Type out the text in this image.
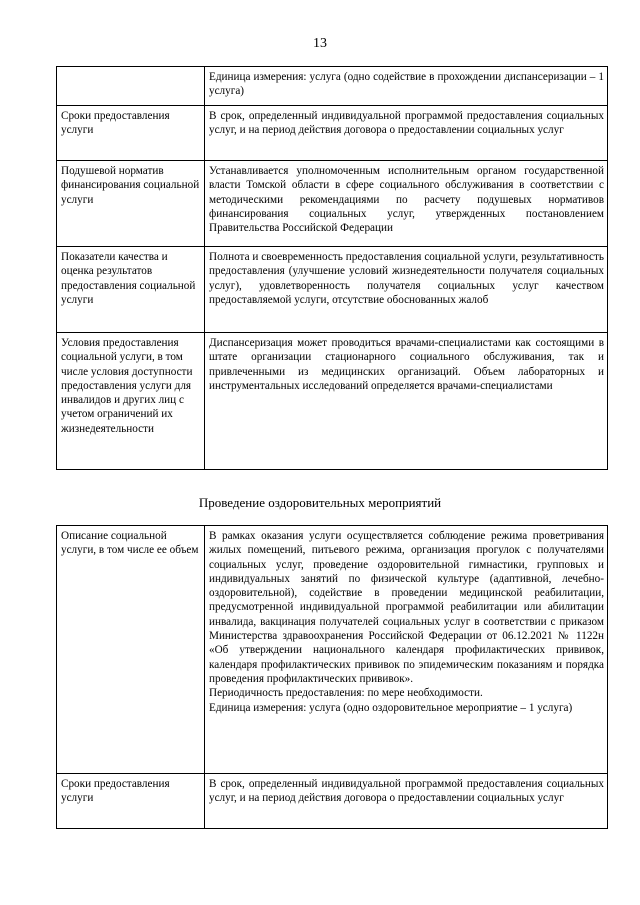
13
	Единица измерения: услуга (одно содействие в прохождении диспансеризации – 1 услуга)
Сроки предоставления услуги	В срок, определенный индивидуальной программой предоставления социальных услуг, и на период действия договора о предоставлении социальных услуг
Подушевой норматив финансирования социальной услуги	Устанавливается уполномоченным исполнительным органом государственной власти Томской области в сфере социального обслуживания в соответствии с методическими рекомендациями по расчету подушевых нормативов финансирования социальных услуг, утвержденных постановлением Правительства Российской Федерации
Показатели качества и оценка результатов предоставления социальной услуги	Полнота и своевременность предоставления социальной услуги, результативность предоставления (улучшение условий жизнедеятельности получателя социальных услуг), удовлетворенность получателя социальных услуг качеством предоставляемой услуги, отсутствие обоснованных жалоб
Условия предоставления социальной услуги, в том числе условия доступности предоставления услуги для инвалидов и других лиц с учетом ограничений их жизнедеятельности	Диспансеризация может проводиться врачами-специалистами как состоящими в штате организации стационарного социального обслуживания, так и привлеченными из медицинских организаций. Объем лабораторных и инструментальных исследований определяется врачами-специалистами
Проведение оздоровительных мероприятий
Описание социальной услуги, в том числе ее объем	В рамках оказания услуги осуществляется соблюдение режима проветривания жилых помещений, питьевого режима, организация прогулок с получателями социальных услуг, проведение оздоровительной гимнастики, групповых и индивидуальных занятий по физической культуре (адаптивной, лечебно-оздоровительной), содействие в проведении медицинской реабилитации, предусмотренной индивидуальной программой реабилитации или абилитации инвалида, вакцинация получателей социальных услуг в соответствии с приказом Министерства здравоохранения Российской Федерации от 06.12.2021 № 1122н «Об утверждении национального календаря профилактических прививок, календаря профилактических прививок по эпидемическим показаниям и порядка проведения профилактических прививок».
Периодичность предоставления: по мере необходимости.
Единица измерения: услуга (одно оздоровительное мероприятие – 1 услуга)

Сроки предоставления услуги	В срок, определенный индивидуальной программой предоставления социальных услуг, и на период действия договора о предоставлении социальных услуг
